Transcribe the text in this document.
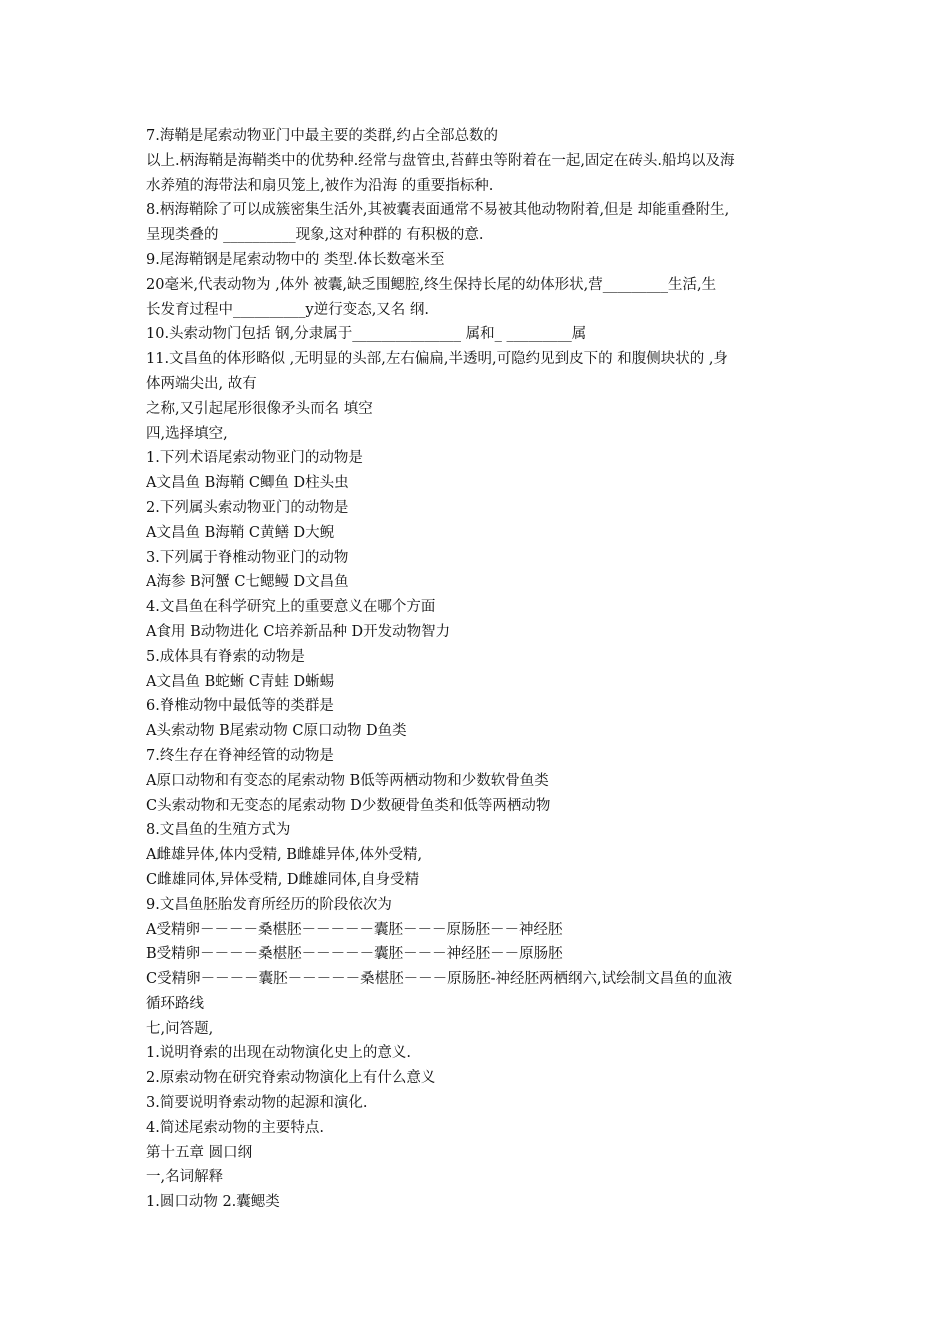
7.海鞘是尾索动物亚门中最主要的类群,约占全部总数的
以上.柄海鞘是海鞘类中的优势种.经常与盘管虫,苔藓虫等附着在一起,固定在砖头.船坞以及海
水养殖的海带法和扇贝笼上,被作为沿海 的重要指标种.
8.柄海鞘除了可以成簇密集生活外,其被囊表面通常不易被其他动物附着,但是 却能重叠附生,
呈现类叠的 __________现象,这对种群的 有积极的意.
9.尾海鞘钢是尾索动物中的 类型.体长数毫米至
20毫米,代表动物为 ,体外 被囊,缺乏围鳃腔,终生保持长尾的幼体形状,营_________生活,生
长发育过程中__________y逆行变态,又名 纲.
10.头索动物门包括 钢,分隶属于_______________ 属和_ _________属
11.文昌鱼的体形略似 ,无明显的头部,左右偏扁,半透明,可隐约见到皮下的 和腹侧块状的 ,身
体两端尖出, 故有
之称,又引起尾形很像矛头而名 填空
四,选择填空,
1.下列术语尾索动物亚门的动物是
A文昌鱼 B海鞘 C鲫鱼 D柱头虫
2.下列属头索动物亚门的动物是
A文昌鱼 B海鞘 C黄鳝 D大鲵
3.下列属于脊椎动物亚门的动物
A海参 B河蟹 C七鳃鳗 D文昌鱼
4.文昌鱼在科学研究上的重要意义在哪个方面
A食用 B动物进化 C培养新品种 D开发动物智力
5.成体具有脊索的动物是
A文昌鱼 B蛇蜥 C青蛙 D蜥蜴
6.脊椎动物中最低等的类群是
A头索动物 B尾索动物 C原口动物 D鱼类
7.终生存在脊神经管的动物是
A原口动物和有变态的尾索动物 B低等两栖动物和少数软骨鱼类
C头索动物和无变态的尾索动物 D少数硬骨鱼类和低等两栖动物
8.文昌鱼的生殖方式为
A雌雄异体,体内受精, B雌雄异体,体外受精,
C雌雄同体,异体受精, D雌雄同体,自身受精
9.文昌鱼胚胎发育所经历的阶段依次为
A受精卵－－－－桑椹胚－－－－－囊胚－－－原肠胚－－神经胚
B受精卵－－－－桑椹胚－－－－－囊胚－－－神经胚－－原肠胚
C受精卵－－－－囊胚－－－－－桑椹胚－－－原肠胚-神经胚两栖纲六,试绘制文昌鱼的血液
循环路线
七,问答题,
1.说明脊索的出现在动物演化史上的意义.
2.原索动物在研究脊索动物演化上有什么意义
3.简要说明脊索动物的起源和演化.
4.简述尾索动物的主要特点.
第十五章 圆口纲
一,名词解释
1.圆口动物 2.囊鳃类
